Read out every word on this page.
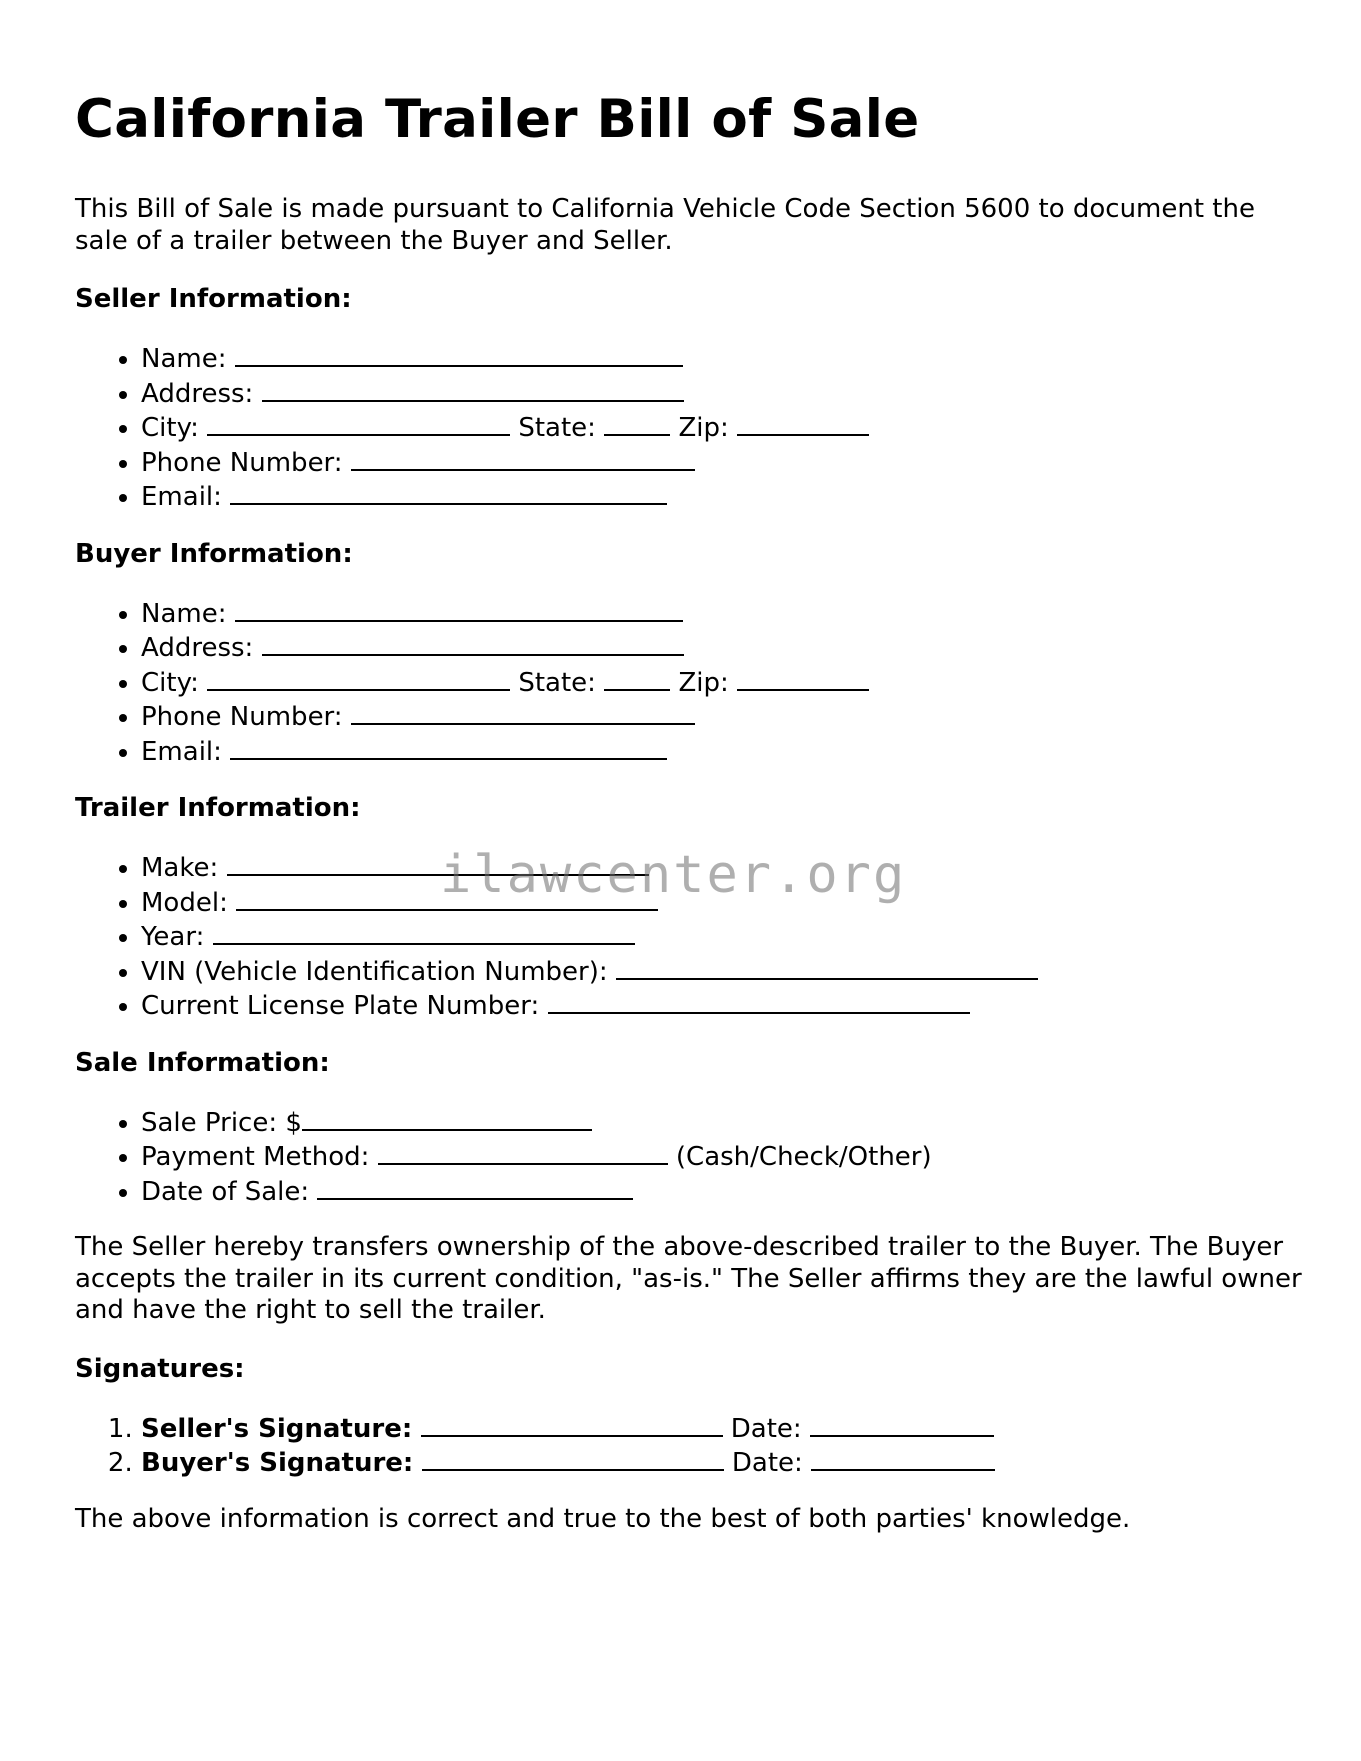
California Trailer Bill of Sale

This Bill of Sale is made pursuant to California Vehicle Code Section 5600 to document the sale of a trailer between the Buyer and Seller.

Seller Information:
• Name:
• Address:
• City:	State:	Zip:
• Phone Number:
• Email:
Buyer Information:
• Name:
• Address:
• City:	State:	Zip:
• Phone Number:
• Email:
Trailer Information:
• Make:
• Model:
• Year:
• VIN (Vehicle Identification Number):
• Current License Plate Number:
Sale Information:
• Sale Price: $
• Payment Method:	(Cash/Check/Other)
• Date of Sale:

The Seller hereby transfers ownership of the above-described trailer to the Buyer. The Buyer accepts the trailer in its current condition, "as-is." The Seller affirms they are the lawful owner and have the right to sell the trailer.

Signatures:
1. Seller's Signature:	Date:
2. Buyer's Signature:	Date:

The above information is correct and true to the best of both parties' knowledge.

ilawcenter.org
